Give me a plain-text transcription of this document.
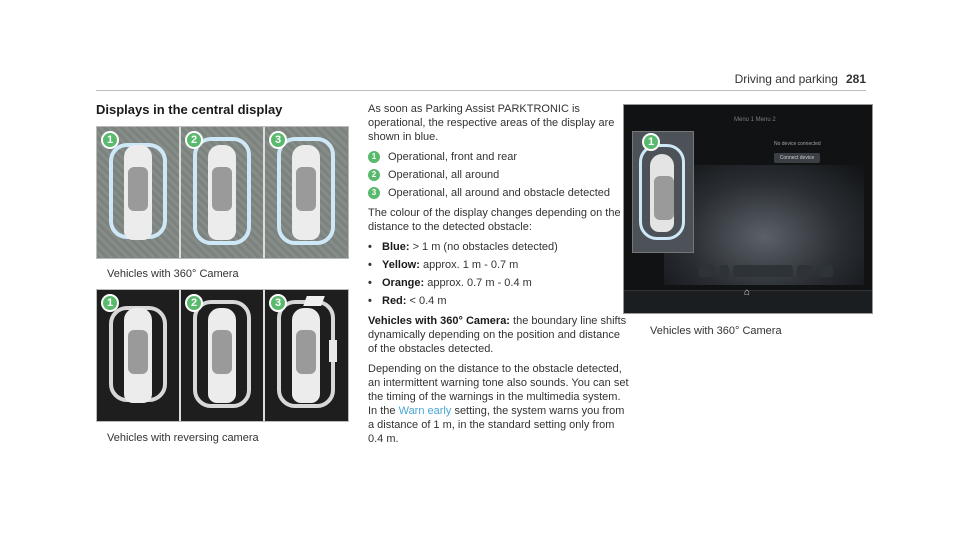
Driving and parking 281
Displays in the central display
1	2	3
Vehicles with 360° Camera
1	2	3
Vehicles with reversing camera

As soon as Parking Assist PARKTRONIC is operational, the respective areas of the display are shown in blue.

1	Operational, front and rear
2	Operational, all around
3	Operational, all around and obstacle detected

The colour of the display changes depending on the distance to the detected obstacle:

• Blue: > 1 m (no obstacles detected)
• Yellow: approx. 1 m - 0.7 m
• Orange: approx. 0.7 m - 0.4 m
• Red: < 0.4 m

Vehicles with 360° Camera: the boundary line shifts dynamically depending on the position and distance of the obstacles detected.

Depending on the distance to the obstacle detected, an intermittent warning tone also sounds. You can set the timing of the warnings in the multimedia system. In the Warn early setting, the system warns you from a distance of 1 m, in the standard setting only from 0.4 m.

Menu 1 Menu 2
No device connected
Connect device
1
⌂
Vehicles with 360° Camera
